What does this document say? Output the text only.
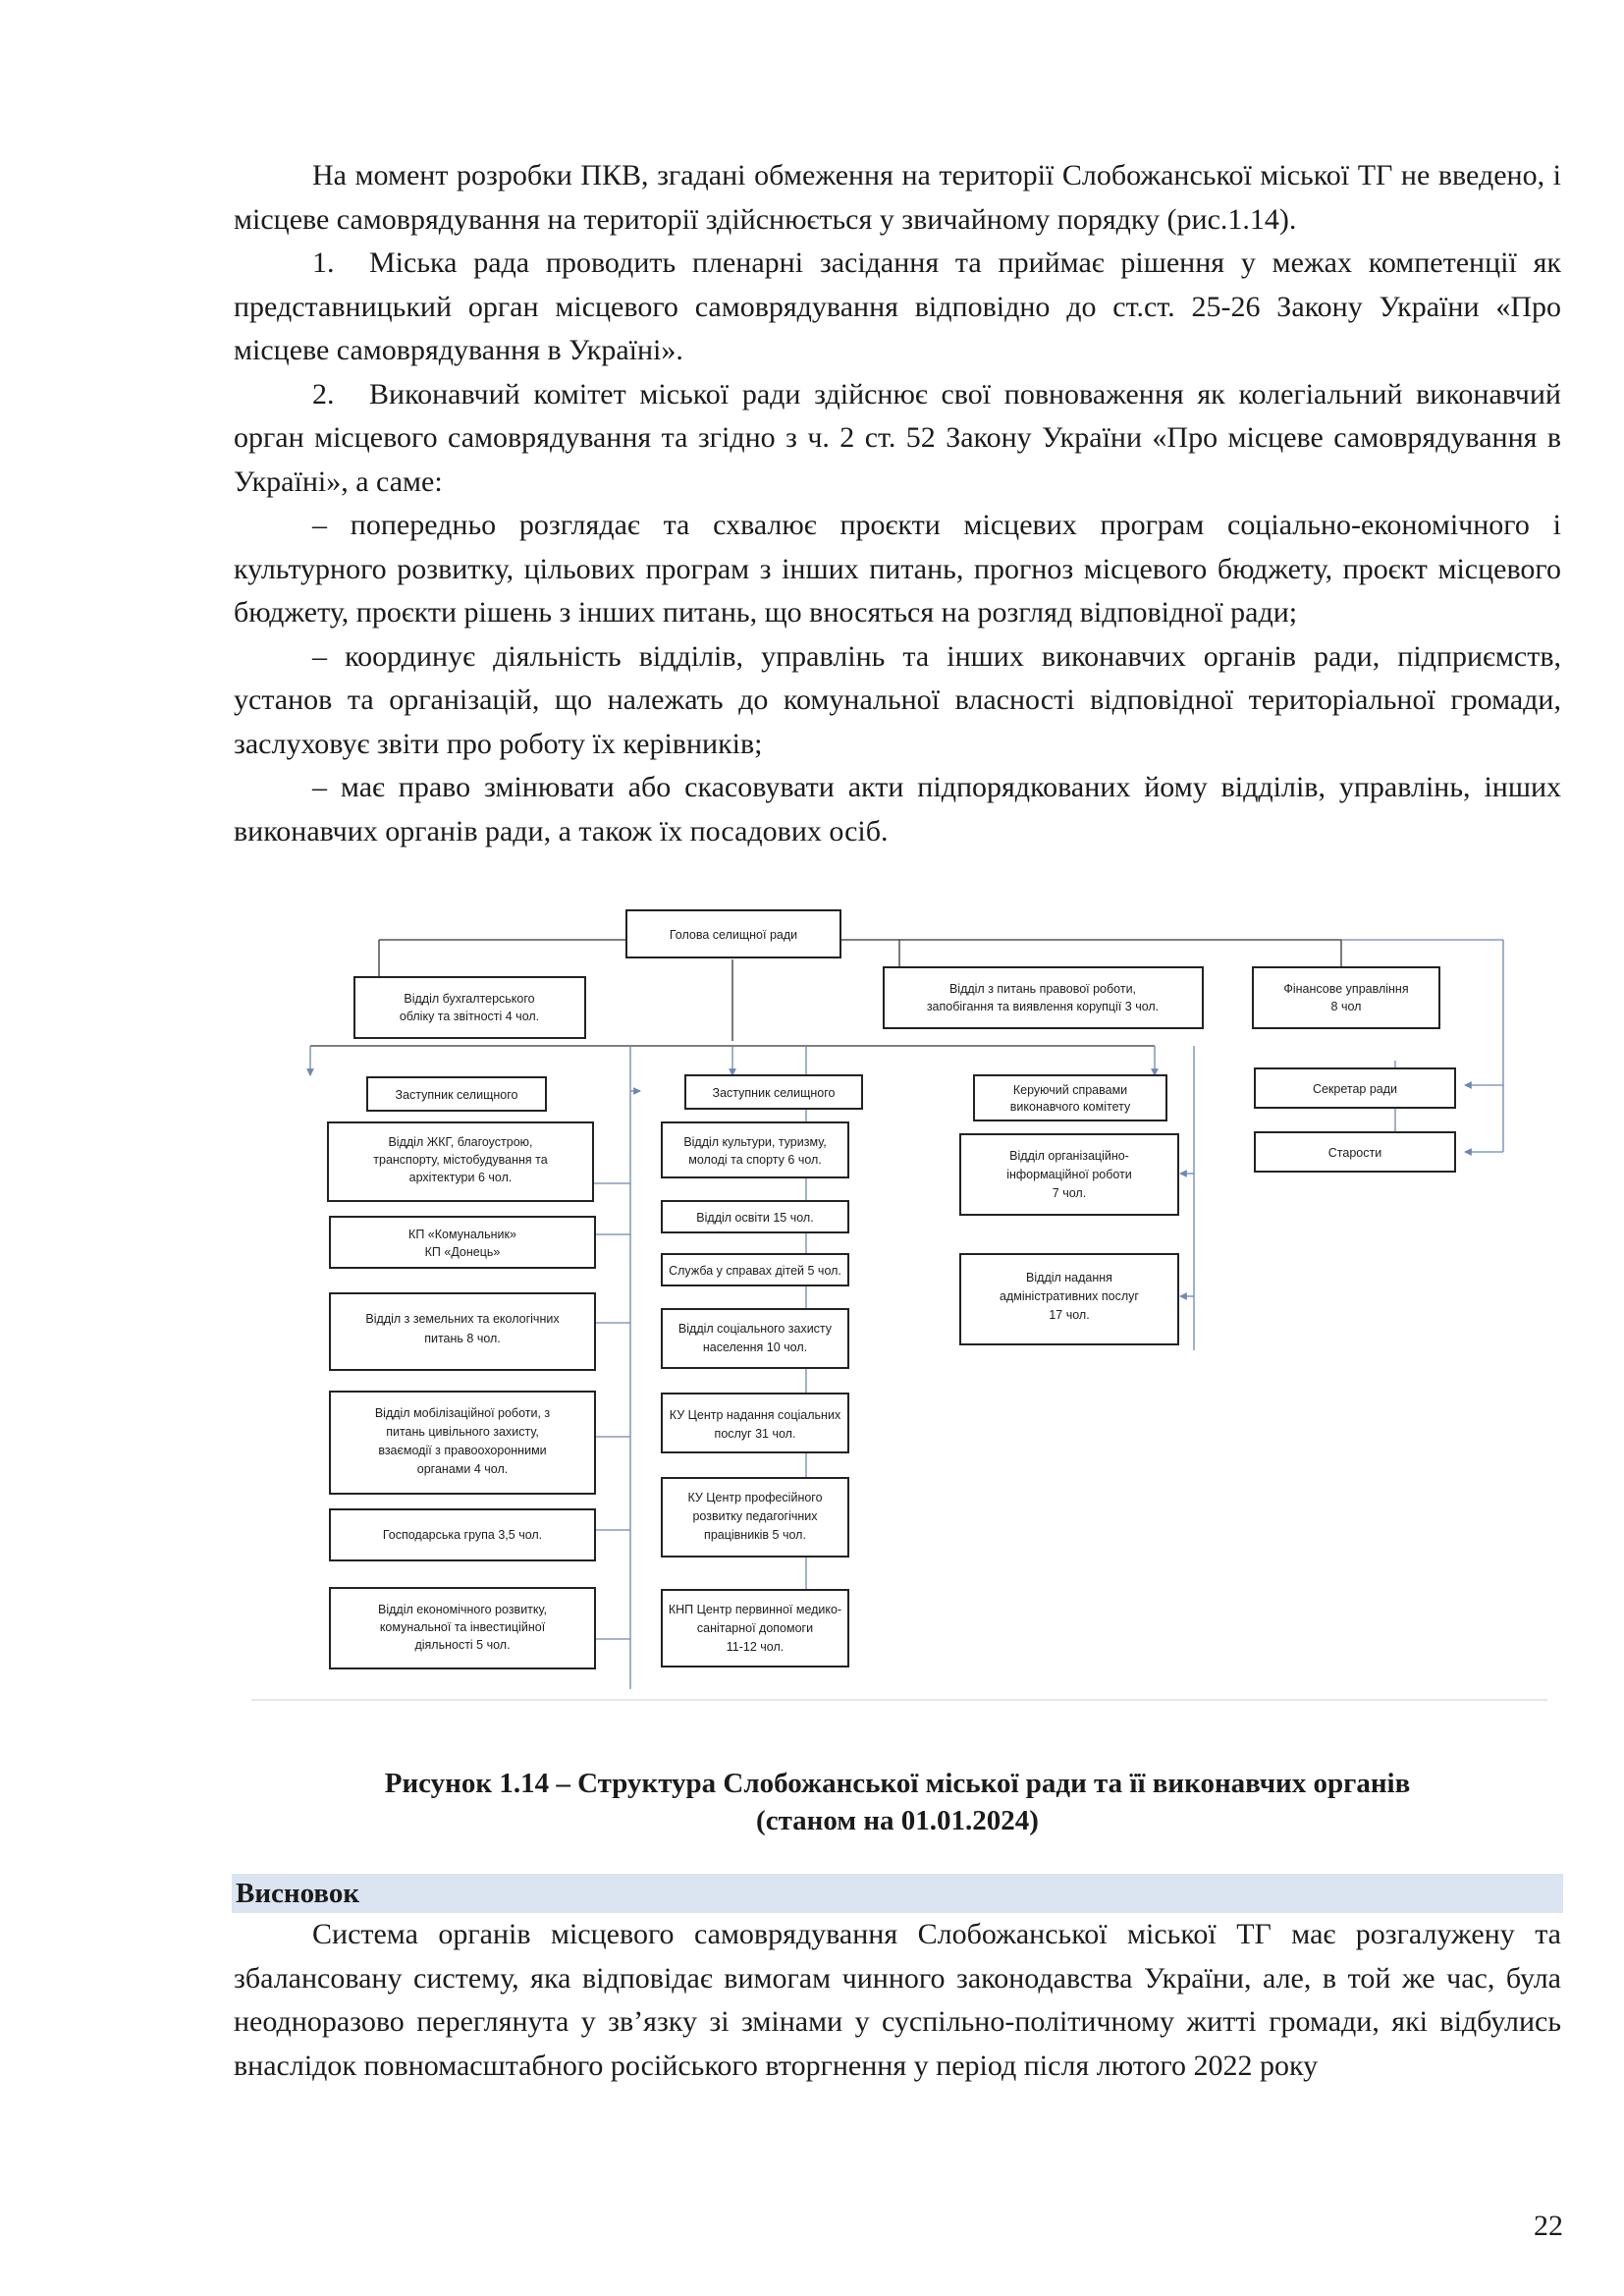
На момент розробки ПКВ, згадані обмеження на території Слобожанської міської ТГ не введено, і місцеве самоврядування на території здійснюється у звичайному порядку (рис.1.14).

1. Міська рада проводить пленарні засідання та приймає рішення у межах компетенції як представницький орган місцевого самоврядування відповідно до ст.ст. 25-26 Закону України «Про місцеве самоврядування в Україні».

2. Виконавчий комітет міської ради здійснює свої повноваження як колегіальний виконавчий орган місцевого самоврядування та згідно з ч. 2 ст. 52 Закону України «Про місцеве самоврядування в Україні», а саме:

– попередньо розглядає та схвалює проєкти місцевих програм соціально-економічного і культурного розвитку, цільових програм з інших питань, прогноз місцевого бюджету, проєкт місцевого бюджету, проєкти рішень з інших питань, що вносяться на розгляд відповідної ради;

– координує діяльність відділів, управлінь та інших виконавчих органів ради, підприємств, установ та організацій, що належать до комунальної власності відповідної територіальної громади, заслуховує звіти про роботу їх керівників;

– має право змінювати або скасовувати акти підпорядкованих йому відділів, управлінь, інших виконавчих органів ради, а також їх посадових осіб.

Голова селищної ради
Відділ бухгалтерського
обліку та звітності 4 чол.
Відділ з питань правової роботи,
запобігання та виявлення корупції 3 чол.
Фінансове управління
8 чол
Заступник селищного	Заступник селищного	Керуючий справами
виконавчого комітету
Секретар ради
Старости
Відділ ЖКГ, благоустрою,
транспорту, містобудування та
архітектури 6 чол.
КП «Комунальник»
КП «Донець»
Відділ з земельних та екологічних
питань 8 чол.
Відділ мобілізаційної роботи, з
питань цивільного захисту,
взаємодії з правоохоронними
органами 4 чол.
Господарська група 3,5 чол.
Відділ економічного розвитку,
комунальної та інвестиційної
діяльності 5 чол.
Відділ культури, туризму,
молоді та спорту 6 чол.
Відділ освіти 15 чол.
Служба у справах дітей 5 чол.
Відділ соціального захисту
населення 10 чол.
КУ Центр надання соціальних
послуг 31 чол.
КУ Центр професійного
розвитку педагогічних
працівників 5 чол.
КНП Центр первинної медико-
санітарної допомоги
11-12 чол.
Відділ організаційно-
інформаційної роботи
7 чол.
Відділ надання
адміністративних послуг
17 чол.
Рисунок 1.14 – Структура Слобожанської міської ради та її виконавчих органів
(станом на 01.01.2024)
Висновок

Система органів місцевого самоврядування Слобожанської міської ТГ має розгалужену та збалансовану систему, яка відповідає вимогам чинного законодавства України, але, в той же час, була неодноразово переглянута у зв’язку зі змінами у суспільно-політичному житті громади, які відбулись внаслідок повномасштабного російського вторгнення у період після лютого 2022 року

22
